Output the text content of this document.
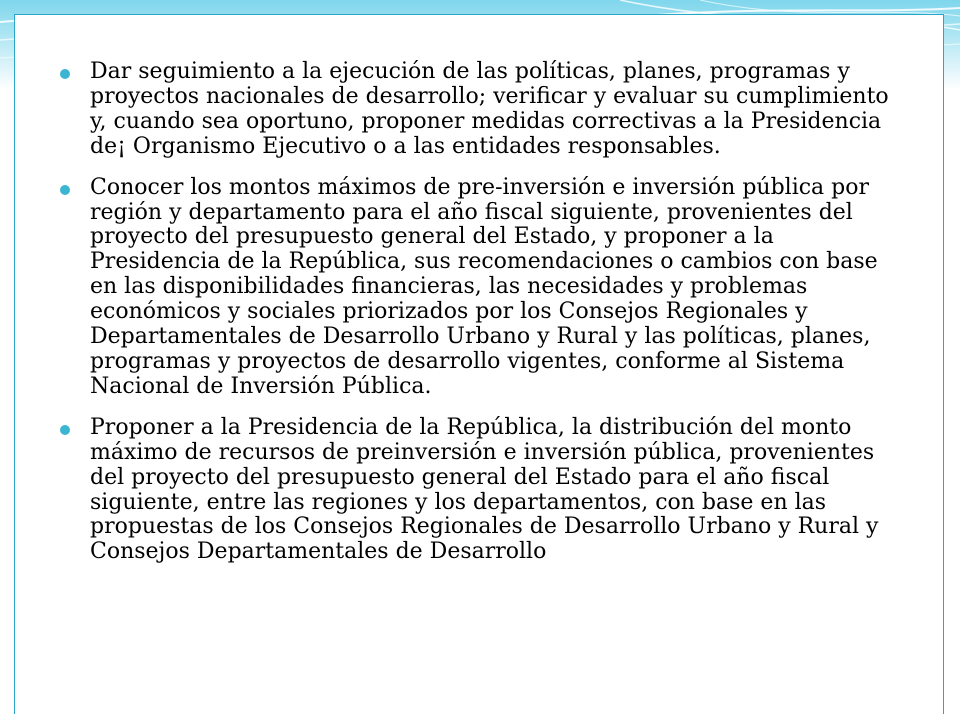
Dar seguimiento a la ejecución de las políticas, planes, programas y proyectos nacionales de desarrollo; verificar y evaluar su cumplimiento y, cuando sea oportuno, proponer medidas correctivas a la Presidencia de¡ Organismo Ejecutivo o a las entidades responsables.
Conocer los montos máximos de pre-inversión e inversión pública por región y departamento para el año fiscal siguiente, provenientes del proyecto del presupuesto general del Estado, y proponer a la Presidencia de la República, sus recomendaciones o cambios con base en las disponibilidades financieras, las necesidades y problemas económicos y sociales priorizados por los Consejos Regionales y Departamentales de Desarrollo Urbano y Rural y las políticas, planes, programas y proyectos de desarrollo vigentes, conforme al Sistema Nacional de Inversión Pública.
Proponer a la Presidencia de la República, la distribución del monto máximo de recursos de preinversión e inversión pública, provenientes del proyecto del presupuesto general del Estado para el año fiscal siguiente, entre las regiones y los departamentos, con base en las propuestas de los Consejos Regionales de Desarrollo Urbano y Rural y Consejos Departamentales de Desarrollo
